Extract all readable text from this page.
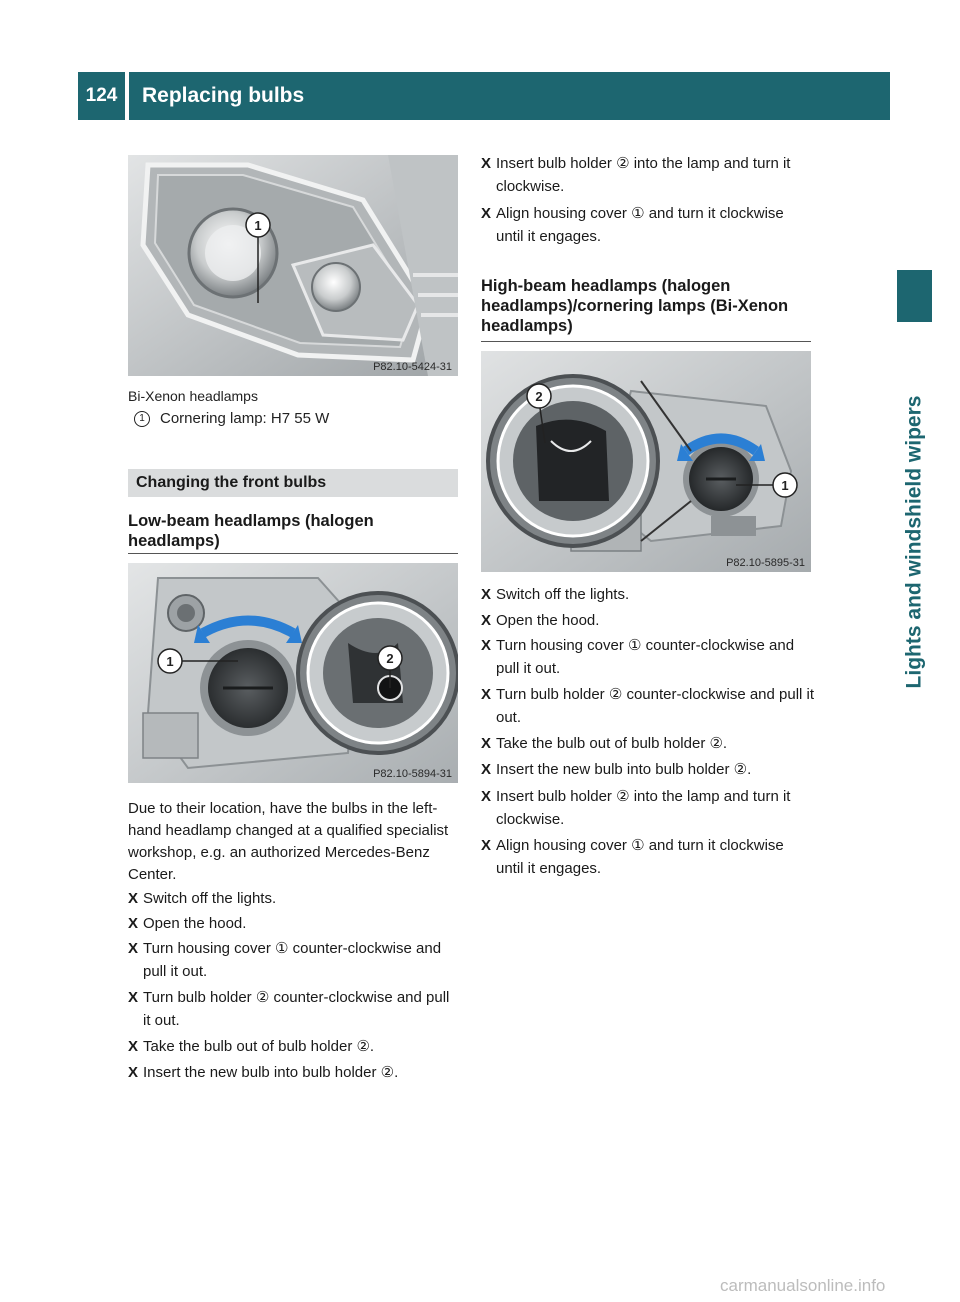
124	Replacing bulbs
Lights and windshield wipers
1
P82.10-5424-31
Bi-Xenon headlamps
1	Cornering lamp: H7 55 W
Changing the front bulbs
Low-beam headlamps (halogen headlamps)
1	2
P82.10-5894-31
Due to their location, have the bulbs in the left-hand headlamp changed at a qualified specialist workshop, e.g. an authorized Mercedes-Benz Center.
X Switch off the lights.
X Open the hood.
X Turn housing cover ① counter-clockwise and pull it out.
X Turn bulb holder ② counter-clockwise and pull it out.
X Take the bulb out of bulb holder ②.
X Insert the new bulb into bulb holder ②.
X Insert bulb holder ② into the lamp and turn it clockwise.
X Align housing cover ① and turn it clockwise until it engages.
High-beam headlamps (halogen headlamps)/cornering lamps (Bi-Xenon headlamps)
2
1
P82.10-5895-31
X Switch off the lights.
X Open the hood.
X Turn housing cover ① counter-clockwise and pull it out.
X Turn bulb holder ② counter-clockwise and pull it out.
X Take the bulb out of bulb holder ②.
X Insert the new bulb into bulb holder ②.
X Insert bulb holder ② into the lamp and turn it clockwise.
X Align housing cover ① and turn it clockwise until it engages.
carmanualsonline.info
